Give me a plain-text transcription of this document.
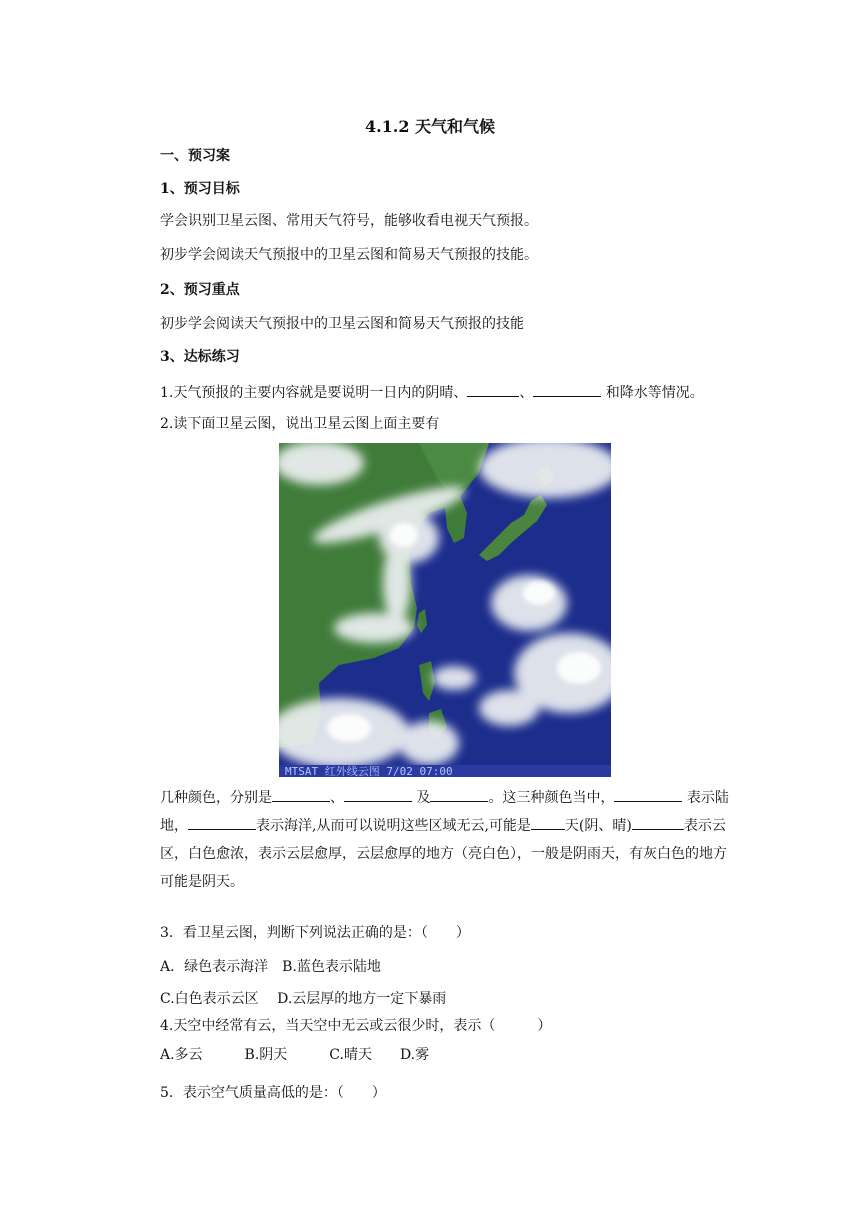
4.1.2 天气和气候
一、预习案
1、预习目标
学会识别卫星云图、常用天气符号，能够收看电视天气预报。
初步学会阅读天气预报中的卫星云图和简易天气预报的技能。
2、预习重点
初步学会阅读天气预报中的卫星云图和简易天气预报的技能
3、达标练习
1.天气预报的主要内容就是要说明一日内的阴晴、	、	和降水等情况。
2.读下面卫星云图，说出卫星云图上面主要有
MTSAT 红外线云图 7/02 07:00
几种颜色，分别是	、	及	。这三种颜色当中，	表示陆地，	表示海洋,从而可以说明这些区域无云,可能是 天(阴、晴)	表示云区，白色愈浓，表示云层愈厚，云层愈厚的地方（亮白色），一般是阴雨天，有灰白色的地方可能是阴天。
3．看卫星云图，判断下列说法正确的是：（　　）
A．绿色表示海洋　B.蓝色表示陆地
C.白色表示云区　 D.云层厚的地方一定下暴雨
4.天空中经常有云，当天空中无云或云很少时，表示（　　　）
A.多云　　　B.阴天　　　C.晴天　　D.雾
5．表示空气质量高低的是：（　　）
